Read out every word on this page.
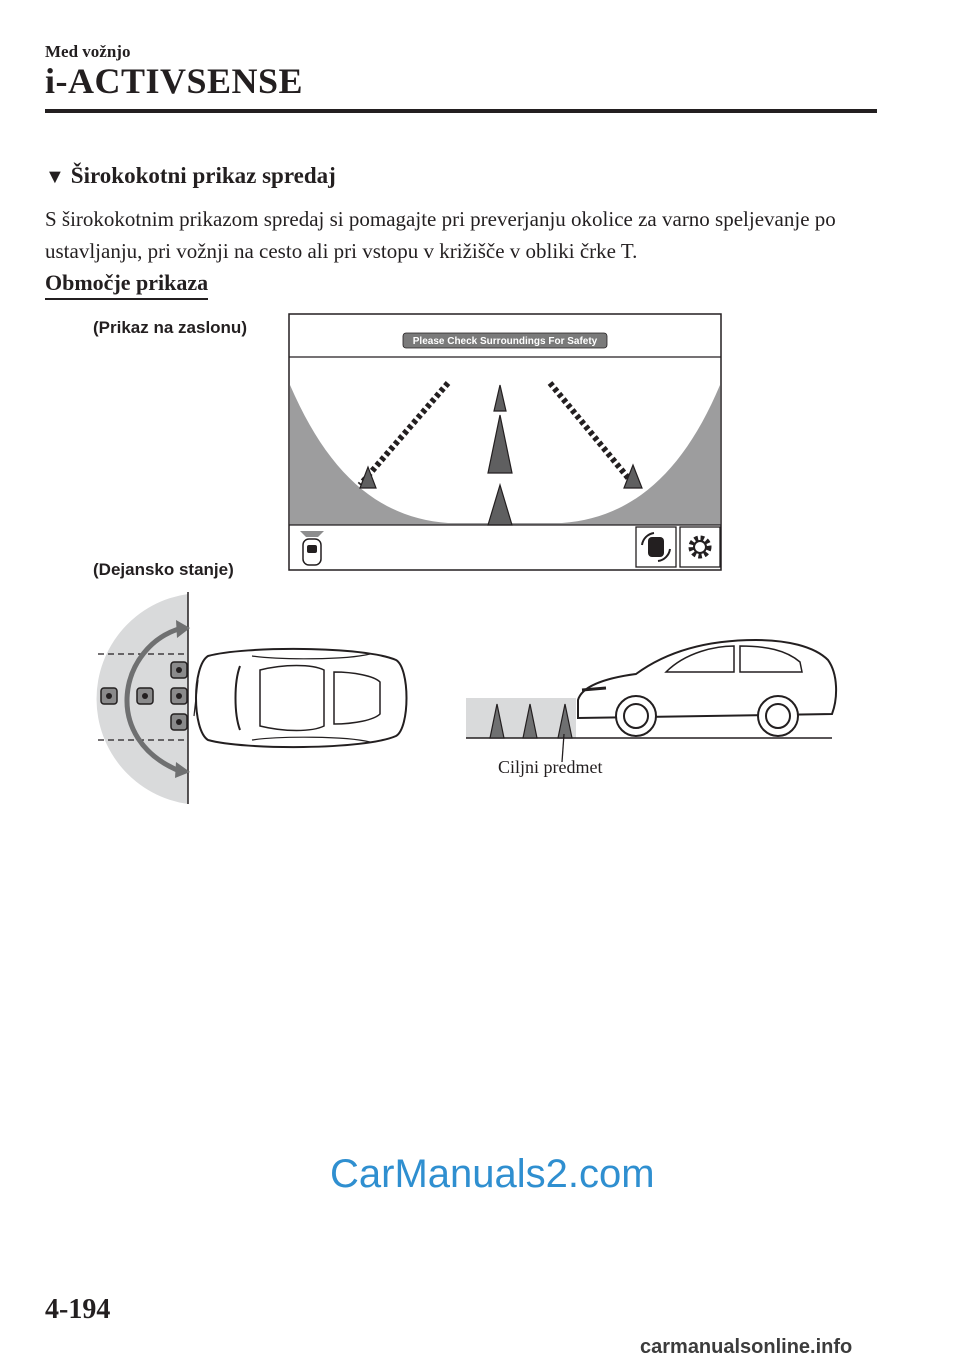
Med vožnjo
i-ACTIVSENSE
▼ Širokokotni prikaz spredaj
S širokokotnim prikazom spredaj si pomagajte pri preverjanju okolice za varno speljevanje po ustavljanju, pri vožnji na cesto ali pri vstopu v križišče v obliki črke T.
Območje prikaza
(Prikaz na zaslonu)
(Dejansko stanje)
Please Check Surroundings For Safety
Ciljni predmet
CarManuals2.com
4-194
carmanualsonline.info
